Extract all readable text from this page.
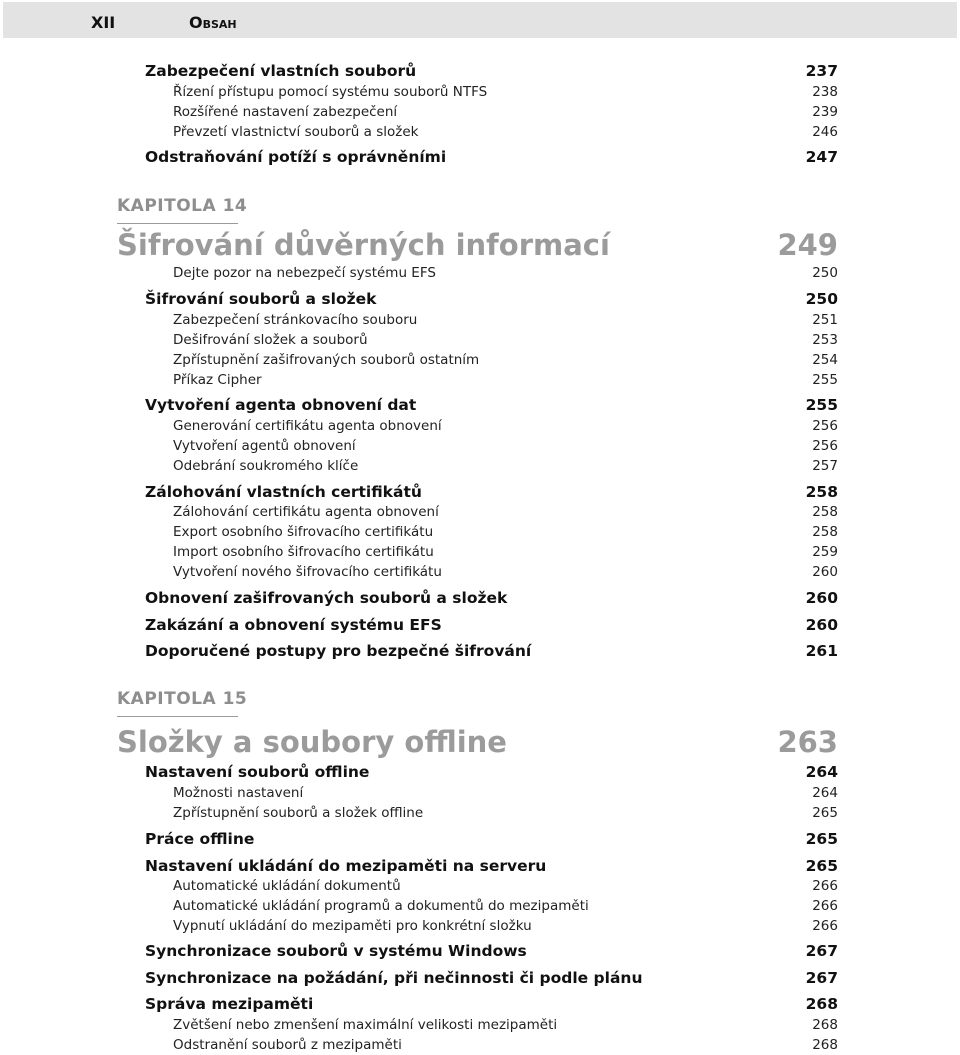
XII	Obsah
Zabezpečení vlastních souborů	237
Řízení přístupu pomocí systému souborů NTFS	238
Rozšířené nastavení zabezpečení	239
Převzetí vlastnictví souborů a složek	246
Odstraňování potíží s oprávněními	247
KAPITOLA 14
Šifrování důvěrných informací	249
Dejte pozor na nebezpečí systému EFS	250
Šifrování souborů a složek	250
Zabezpečení stránkovacího souboru	251
Dešifrování složek a souborů	253
Zpřístupnění zašifrovaných souborů ostatním	254
Příkaz Cipher	255
Vytvoření agenta obnovení dat	255
Generování certifikátu agenta obnovení	256
Vytvoření agentů obnovení	256
Odebrání soukromého klíče	257
Zálohování vlastních certifikátů	258
Zálohování certifikátu agenta obnovení	258
Export osobního šifrovacího certifikátu	258
Import osobního šifrovacího certifikátu	259
Vytvoření nového šifrovacího certifikátu	260
Obnovení zašifrovaných souborů a složek	260
Zakázání a obnovení systému EFS	260
Doporučené postupy pro bezpečné šifrování	261
KAPITOLA 15
Složky a soubory offline	263
Nastavení souborů offline	264
Možnosti nastavení	264
Zpřístupnění souborů a složek offline	265
Práce offline	265
Nastavení ukládání do mezipaměti na serveru	265
Automatické ukládání dokumentů	266
Automatické ukládání programů a dokumentů do mezipaměti	266
Vypnutí ukládání do mezipaměti pro konkrétní složku	266
Synchronizace souborů v systému Windows	267
Synchronizace na požádání, při nečinnosti či podle plánu	267
Správa mezipaměti	268
Zvětšení nebo zmenšení maximální velikosti mezipaměti	268
Odstranění souborů z mezipaměti	268
